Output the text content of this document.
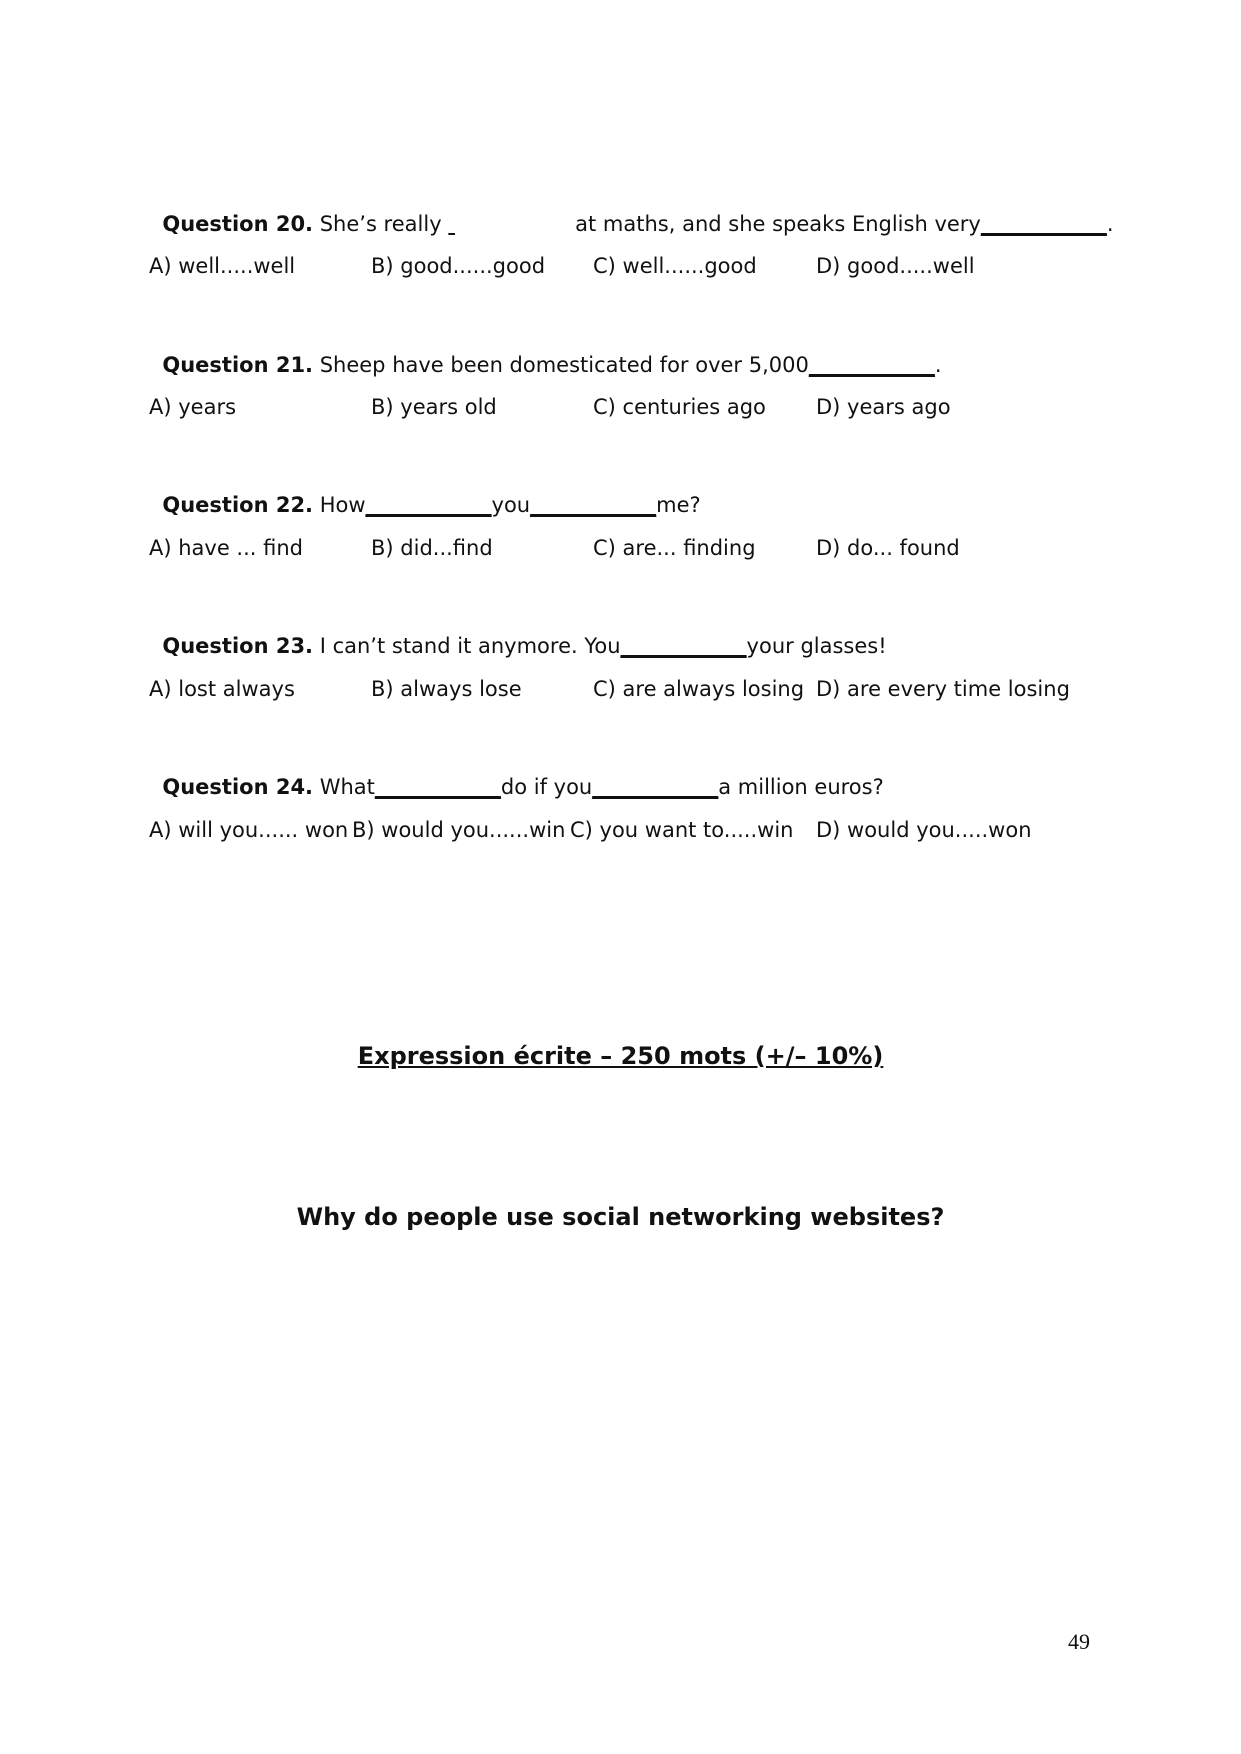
Question 20. She’s really                    at maths, and she speaks English very____________.

A) well.....well	B) good......good C) well......good	D) good.....well

Question 21. Sheep have been domesticated for over 5,000____________.

A) years	B) years old	C) centuries ago D) years ago

Question 22. How____________you____________me?

A) have ... find	B) did...find	C) are... finding	D) do... found

Question 23. I can’t stand it anymore. You____________your glasses!

A) lost always	B) always lose	C) are always losing D) are every time losing

Question 24. What____________do if you____________a million euros?

A) will you...... won B) would you......win C) you want to.....win D) would you.....won
Expression écrite – 250 mots (+/– 10%)
Why do people use social networking websites?
49
